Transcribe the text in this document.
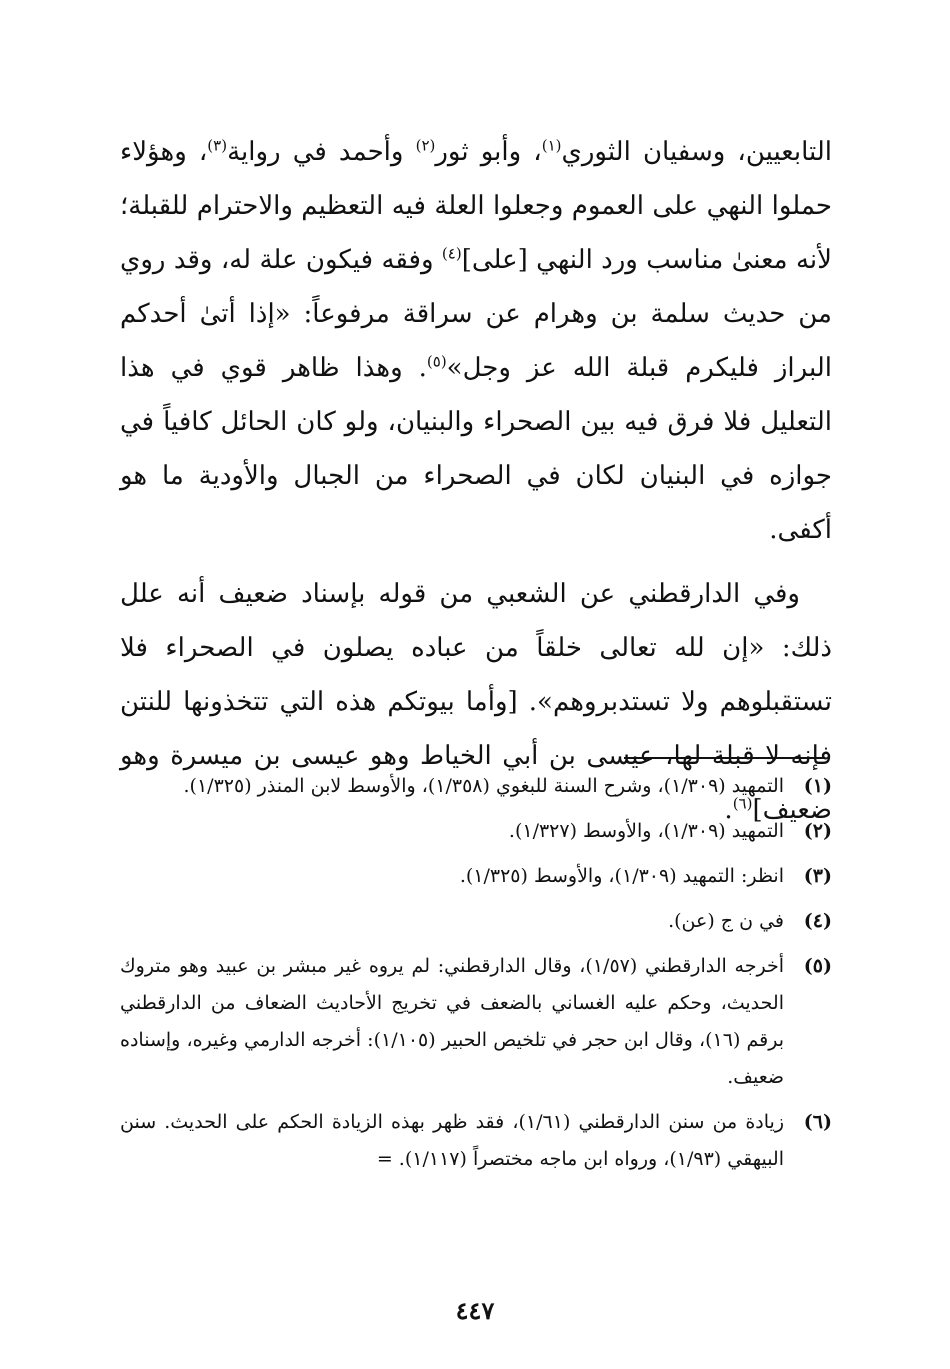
التابعيين، وسفيان الثوري$^{(١)}$، وأبو ثور$^{(٢)}$ وأحمد في رواية$^{(٣)}$، وهؤلاء حملوا النهي على العموم وجعلوا العلة فيه التعظيم والاحترام للقبلة؛ لأنه معنىٰ مناسب ورد النهي [على]$^{(٤)}$ وفقه فيكون علة له، وقد روي من حديث سلمة بن وهرام عن سراقة مرفوعاً: «إذا أتىٰ أحدكم البراز فليكرم قبلة الله عز وجل»$^{(٥)}$. وهذا ظاهر قوي في هذا التعليل فلا فرق فيه بين الصحراء والبنيان، ولو كان الحائل كافياً في جوازه في البنيان لكان في الصحراء من الجبال والأودية ما هو أكفى.

وفي الدارقطني عن الشعبي من قوله بإسناد ضعيف أنه علل ذلك: «إن لله تعالى خلقاً من عباده يصلون في الصحراء فلا تستقبلوهم ولا تستدبروهم». [وأما بيوتكم هذه التي تتخذونها للنتن فإنه لا قبلة لها، عيسى بن أبي الخياط وهو عيسى بن ميسرة وهو ضعيف]$^{(٦)}$.

(١)
التمهيد (١/٣٠٩)، وشرح السنة للبغوي (١/٣٥٨)، والأوسط لابن المنذر (١/٣٢٥).
(٢)
التمهيد (١/٣٠٩)، والأوسط (١/٣٢٧).
(٣)
انظر: التمهيد (١/٣٠٩)، والأوسط (١/٣٢٥).
(٤)
في ن ج (عن).
(٥)
أخرجه الدارقطني (١/٥٧)، وقال الدارقطني: لم يروه غير مبشر بن عبيد وهو متروك الحديث، وحكم عليه الغساني بالضعف في تخريج الأحاديث الضعاف من الدارقطني برقم (١٦)، وقال ابن حجر في تلخيص الحبير (١/١٠٥): أخرجه الدارمي وغيره، وإسناده ضعيف.
(٦)
زيادة من سنن الدارقطني (١/٦١)، فقد ظهر بهذه الزيادة الحكم على الحديث. سنن البيهقي (١/٩٣)، ورواه ابن ماجه مختصراً (١/١١٧). =
٤٤٧
